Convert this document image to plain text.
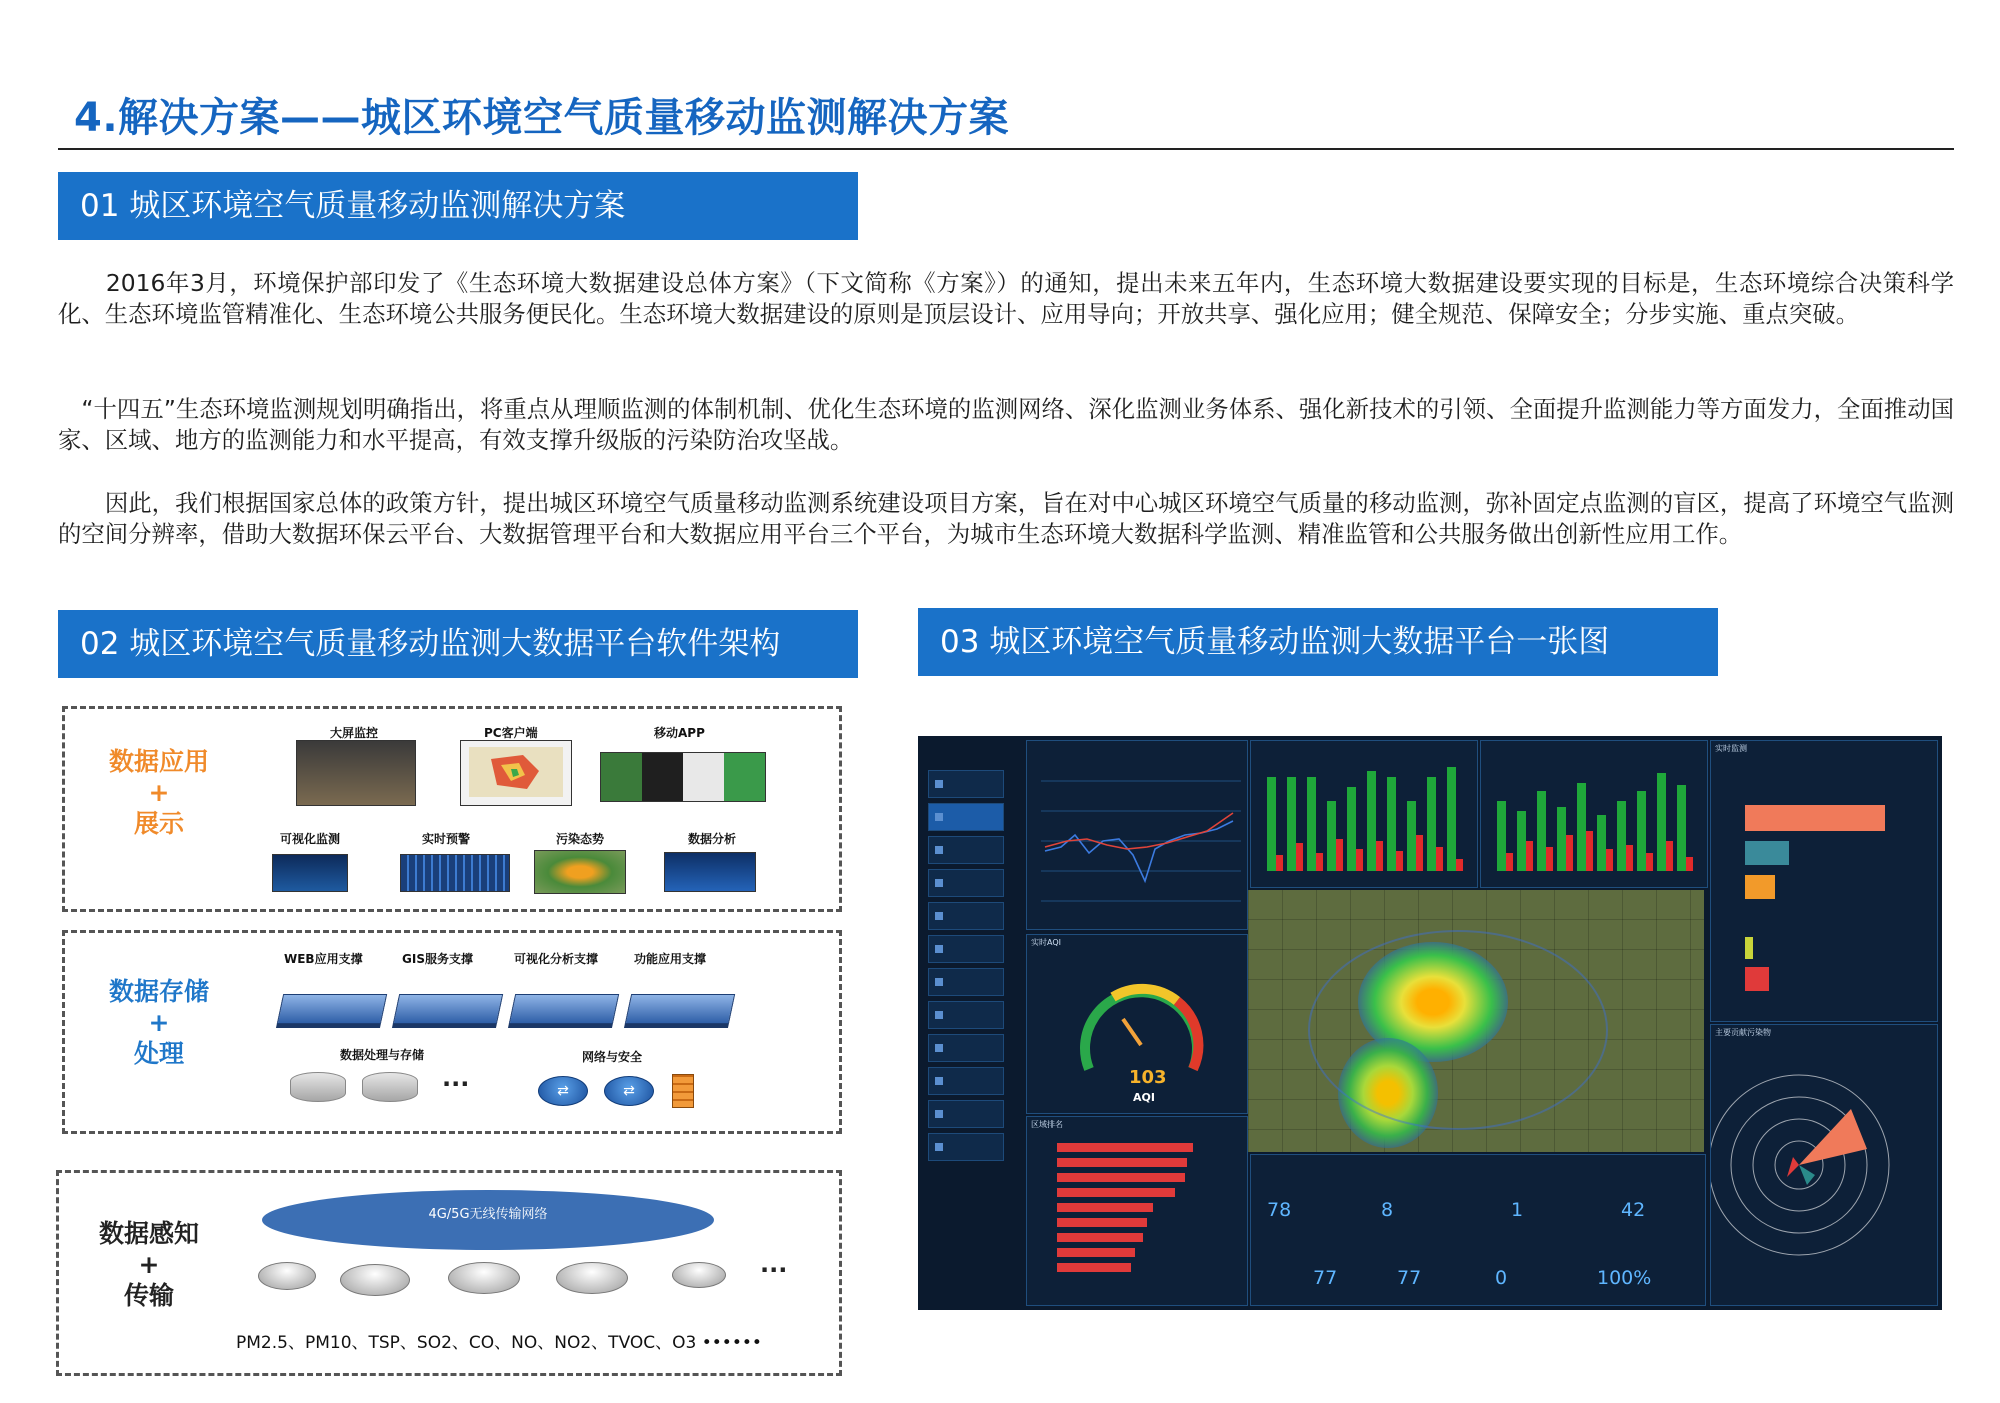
4.解决方案——城区环境空气质量移动监测解决方案
01 城区环境空气质量移动监测解决方案

　　2016年3月，环境保护部印发了《生态环境大数据建设总体方案》（下文简称《方案》）的通知，提出未来五年内，生态环境大数据建设要实现的目标是，生态环境综合决策科学化、生态环境监管精准化、生态环境公共服务便民化。生态环境大数据建设的原则是顶层设计、应用导向；开放共享、强化应用；健全规范、保障安全；分步实施、重点突破。

　“十四五”生态环境监测规划明确指出，将重点从理顺监测的体制机制、优化生态环境的监测网络、深化监测业务体系、强化新技术的引领、全面提升监测能力等方面发力，全面推动国家、区域、地方的监测能力和水平提高，有效支撑升级版的污染防治攻坚战。

　　因此，我们根据国家总体的政策方针，提出城区环境空气质量移动监测系统建设项目方案，旨在对中心城区环境空气质量的移动监测，弥补固定点监测的盲区，提高了环境空气监测的空间分辨率，借助大数据环保云平台、大数据管理平台和大数据应用平台三个平台，为城市生态环境大数据科学监测、精准监管和公共服务做出创新性应用工作。

02 城区环境空气质量移动监测大数据平台软件架构	03 城区环境空气质量移动监测大数据平台一张图
数据应用
+
展示
大屏监控	PC客户端	移动APP
可视化监测	实时预警	污染态势	数据分析
数据存储
+
处理
WEB应用支撑	GIS服务支撑	可视化分析支撑	功能应用支撑
数据处理与存储	网络与安全
···	⇄	⇄
数据感知
+
传输
4G/5G无线传输网络
···
PM2.5、PM10、TSP、SO2、CO、NO、NO2、TVOC、O3 ••••••
实时AQI
103
AQI
区域排名
78	8	1	42
77	77	0	100%
实时监测
主要贡献污染物
